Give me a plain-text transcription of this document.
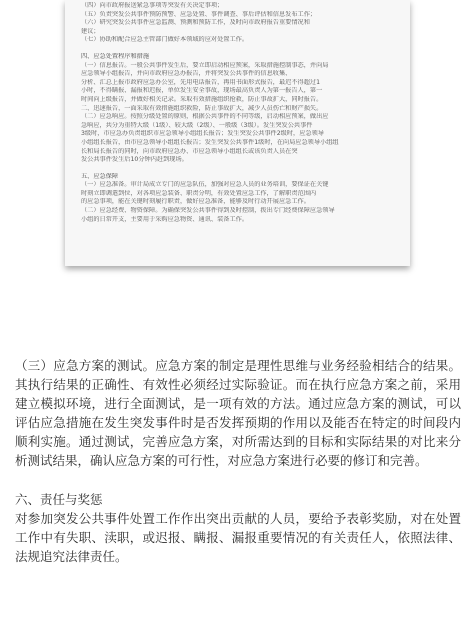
（四）向市政府报送紧急事项等突发有关决定事项；
（五）负责突发公共事件预防预警、应急处置、事件调查、事后评估和信息发布工作；
（六）研究突发公共事件应急监测、预测和预防工作，及时向市政府报告重要情况和
建议；
（七）协助和配合应急主管部门做好本领域的应对处置工作。
四、应急处置程序和措施
（一）信息报告。一般公共事件发生后，要立即启动相应预案，采取措施控制事态，并向局
应急领导小组报告，并向市政府应急办报告，并将突发公共事件的信息收集、
分析、汇总上报市政府应急办公室，先用电话报告，再用书面形式报告，最迟不得超过1
小时，不得瞒报、漏报和迟报，单位发生安全事故，现场最高负责人为第一报告人，第一
时间向上级报告，并做好相关记录。采取有效措施组织抢救，防止事故扩大，同时报告。
二、迅速报告，一面采取有效措施组织救险，防止事故扩大，减少人员伤亡和财产损失。
（二）应急响应。按照分级处置的原则，根据公共事件的不同等级，启动相应预案，做出应
急响应，共分为重特大级（1级）、较大级（2级）、一般级（3级）。发生突发公共事件
3级时，市应急办负责组织市应急领导小组组长报告；发生突发公共事件2级时，应急领导
小组组长报告，由市应急领导小组组长报告；发生突发公共事件1级时，在向局应急领导小组组
长和局长报告的同时，向市政府应急办、市应急领导小组组长或该负责人员在突
发公共事件发生后10分钟内赶到现场。
五、应急保障
（一）应急准备。审计局成立专门的应急队伍，加强对应急人员的业务培训，要保证在关键
时刻立即调遣到位，对各项应急装备、职责分明，有效处置应急工作，了解职责范围内
的应急事项，能在关键时刻履行职责，做好应急准备，能够及时行动开展应急工作。
（二）应急经费、物资保障。为确保突发公共事件得到及时控制，拨出专门经费保障应急领导
小组的日常开支，主要用于采购应急物资、通讯、装备工作。

（三）应急方案的测试。应急方案的制定是理性思维与业务经验相结合的结果。其执行结果的正确性、有效性必须经过实际验证。而在执行应急方案之前，采用建立模拟环境，进行全面测试，是一项有效的方法。通过应急方案的测试，可以评估应急措施在发生突发事件时是否发挥预期的作用以及能否在特定的时间段内顺利实施。通过测试，完善应急方案，对所需达到的目标和实际结果的对比来分析测试结果，确认应急方案的可行性，对应急方案进行必要的修订和完善。

六、责任与奖惩

对参加突发公共事件处置工作作出突出贡献的人员，要给予表彰奖励，对在处置工作中有失职、渎职，或迟报、瞒报、漏报重要情况的有关责任人，依照法律、法规追究法律责任。
